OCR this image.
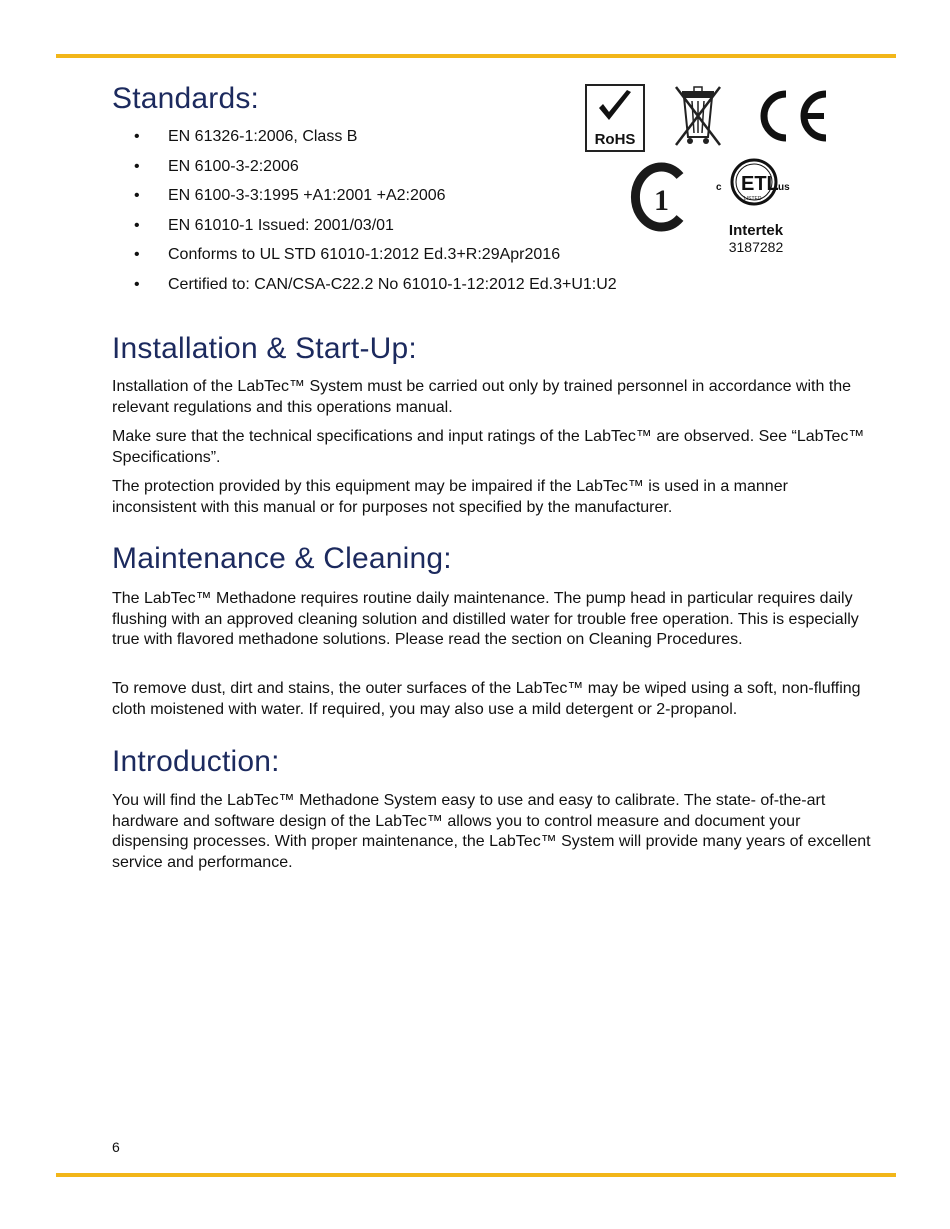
Standards:
• EN 61326-1:2006, Class B
• EN 6100-3-2:2006
• EN 6100-3-3:1995 +A1:2001 +A2:2006
• EN 61010-1 Issued: 2001/03/01
• Conforms to UL STD 61010-1:2012 Ed.3+R:29Apr2016
• Certified to: CAN/CSA-C22.2 No 61010-1-12:2012 Ed.3+U1:U2
RoHS
1	ETL
c	us
LISTED
Intertek
3187282
Installation & Start-Up:

Installation of the LabTec™ System must be carried out only by trained personnel in accordance with the relevant regulations and this operations manual.

Make sure that the technical specifications and input ratings of the LabTec™ are observed. See “LabTec™ Specifications”.

The protection provided by this equipment may be impaired if the LabTec™ is used in a manner inconsistent with this manual or for purposes not specified by the manufacturer.

Maintenance & Cleaning:

The LabTec™ Methadone requires routine daily maintenance. The pump head in particular requires daily flushing with an approved cleaning solution and distilled water for trouble free operation. This is especially true with flavored methadone solutions. Please read the section on Cleaning Procedures.

To remove dust, dirt and stains, the outer surfaces of the LabTec™ may be wiped using a soft, non-fluffing cloth moistened with water. If required, you may also use a mild detergent or 2-propanol.

Introduction:

You will find the LabTec™ Methadone System easy to use and easy to calibrate. The state- of-the-art hardware and software design of the LabTec™ allows you to control measure and document your dispensing processes. With proper maintenance, the LabTec™ System will provide many years of excellent service and performance.

6
